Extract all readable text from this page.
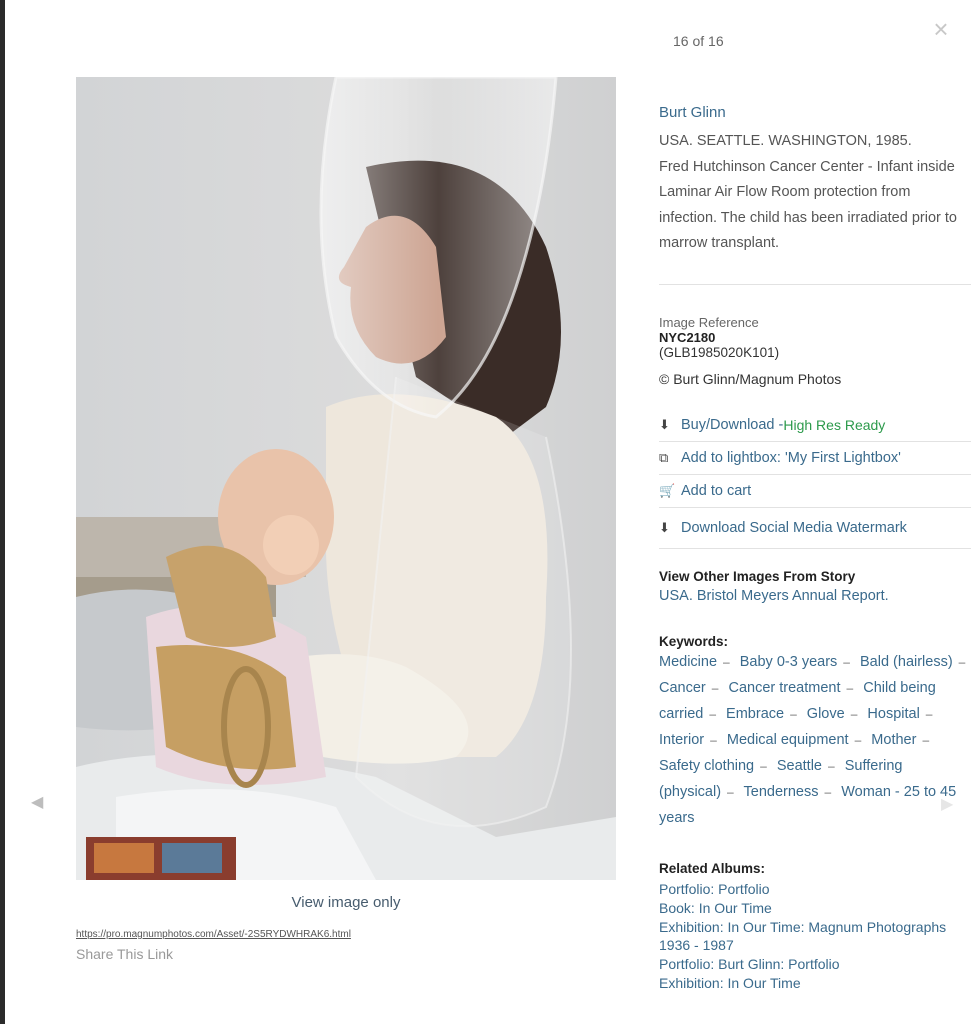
16 of 16	×
◀	▶
View image only
https://pro.magnumphotos.com/Asset/-2S5RYDWHRAK6.html
Share This Link
Burt Glinn
USA. SEATTLE. WASHINGTON, 1985.
Fred Hutchinson Cancer Center - Infant inside
Laminar Air Flow Room protection from
infection. The child has been irradiated prior to
marrow transplant.
Image Reference
NYC2180
(GLB1985020K101)
© Burt Glinn/Magnum Photos
⬇ Buy/Download - High Res Ready
⧉ Add to lightbox: 'My First Lightbox'
🛒 Add to cart
⬇ Download Social Media Watermark
View Other Images From Story
USA. Bristol Meyers Annual Report.
Keywords:
Medicine – Baby 0-3 years – Bald (hairless) – Cancer – Cancer treatment – Child being carried – Embrace – Glove – Hospital – Interior – Medical equipment – Mother – Safety clothing – Seattle – Suffering (physical) – Tenderness – Woman - 25 to 45 years
Related Albums:
Portfolio: Portfolio
Book: In Our Time
Exhibition: In Our Time: Magnum Photographs 1936 - 1987
Portfolio: Burt Glinn: Portfolio
Exhibition: In Our Time
